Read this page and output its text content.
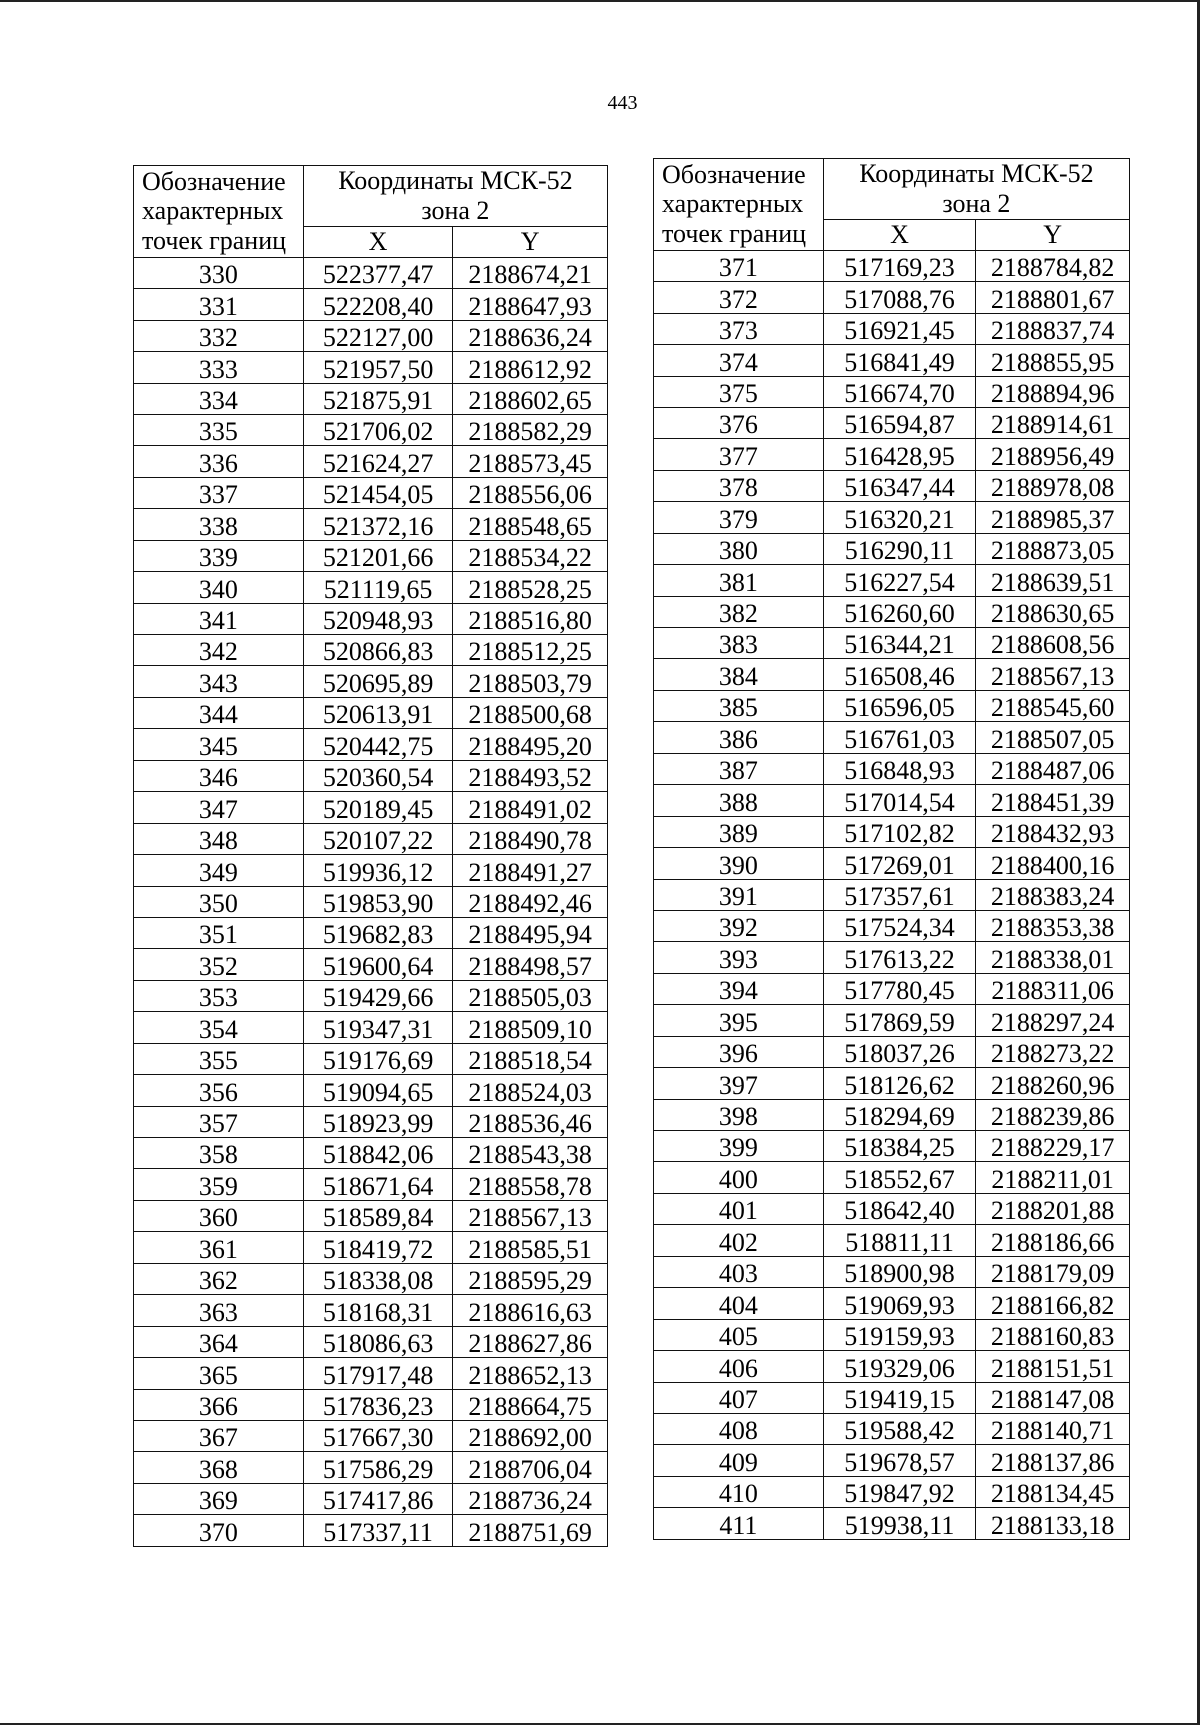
443
Обозначение
характерных
точек границ	Координаты МСК-52
зона 2	

	X	Y
330	522377,47	2188674,21
331	522208,40	2188647,93
332	522127,00	2188636,24
333	521957,50	2188612,92
334	521875,91	2188602,65
335	521706,02	2188582,29
336	521624,27	2188573,45
337	521454,05	2188556,06
338	521372,16	2188548,65
339	521201,66	2188534,22
340	521119,65	2188528,25
341	520948,93	2188516,80
342	520866,83	2188512,25
343	520695,89	2188503,79
344	520613,91	2188500,68
345	520442,75	2188495,20
346	520360,54	2188493,52
347	520189,45	2188491,02
348	520107,22	2188490,78
349	519936,12	2188491,27
350	519853,90	2188492,46
351	519682,83	2188495,94
352	519600,64	2188498,57
353	519429,66	2188505,03
354	519347,31	2188509,10
355	519176,69	2188518,54
356	519094,65	2188524,03
357	518923,99	2188536,46
358	518842,06	2188543,38
359	518671,64	2188558,78
360	518589,84	2188567,13
361	518419,72	2188585,51
362	518338,08	2188595,29
363	518168,31	2188616,63
364	518086,63	2188627,86
365	517917,48	2188652,13
366	517836,23	2188664,75
367	517667,30	2188692,00
368	517586,29	2188706,04
369	517417,86	2188736,24
370	517337,11	2188751,69
Обозначение
характерных
точек границ	Координаты МСК-52
зона 2	

	X	Y
371	517169,23	2188784,82
372	517088,76	2188801,67
373	516921,45	2188837,74
374	516841,49	2188855,95
375	516674,70	2188894,96
376	516594,87	2188914,61
377	516428,95	2188956,49
378	516347,44	2188978,08
379	516320,21	2188985,37
380	516290,11	2188873,05
381	516227,54	2188639,51
382	516260,60	2188630,65
383	516344,21	2188608,56
384	516508,46	2188567,13
385	516596,05	2188545,60
386	516761,03	2188507,05
387	516848,93	2188487,06
388	517014,54	2188451,39
389	517102,82	2188432,93
390	517269,01	2188400,16
391	517357,61	2188383,24
392	517524,34	2188353,38
393	517613,22	2188338,01
394	517780,45	2188311,06
395	517869,59	2188297,24
396	518037,26	2188273,22
397	518126,62	2188260,96
398	518294,69	2188239,86
399	518384,25	2188229,17
400	518552,67	2188211,01
401	518642,40	2188201,88
402	518811,11	2188186,66
403	518900,98	2188179,09
404	519069,93	2188166,82
405	519159,93	2188160,83
406	519329,06	2188151,51
407	519419,15	2188147,08
408	519588,42	2188140,71
409	519678,57	2188137,86
410	519847,92	2188134,45
411	519938,11	2188133,18
